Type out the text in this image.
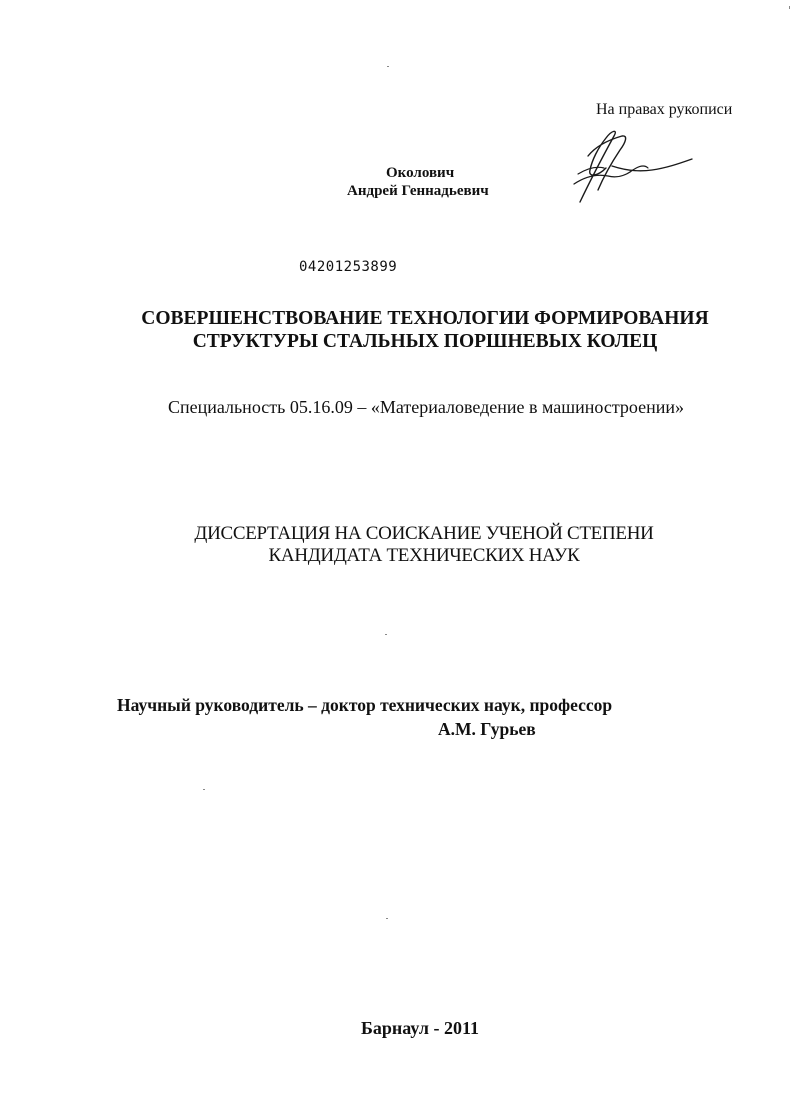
На правах рукописи
Околович
Андрей Геннадьевич
04201253899
СОВЕРШЕНСТВОВАНИЕ ТЕХНОЛОГИИ ФОРМИРОВАНИЯ
СТРУКТУРЫ СТАЛЬНЫХ ПОРШНЕВЫХ КОЛЕЦ
Специальность 05.16.09 – «Материаловедение в машиностроении»
ДИССЕРТАЦИЯ НА СОИСКАНИЕ УЧЕНОЙ СТЕПЕНИ
КАНДИДАТА ТЕХНИЧЕСКИХ НАУК
Научный руководитель – доктор технических наук, профессор
А.М. Гурьев
Барнаул - 2011
